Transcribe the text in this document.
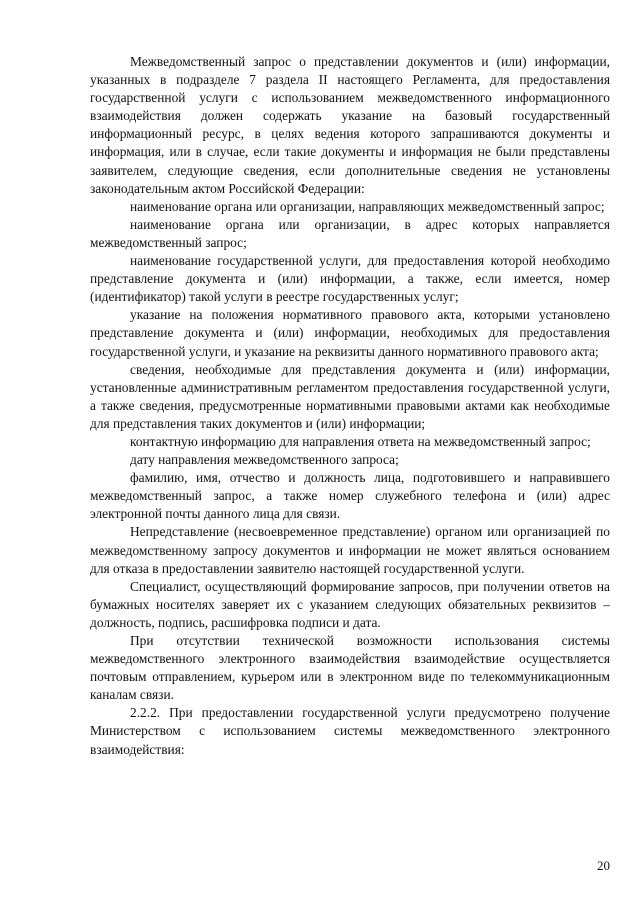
Межведомственный запрос о представлении документов и (или) информации, указанных в подразделе 7 раздела II настоящего Регламента, для предоставления государственной услуги с использованием межведомственного информационного взаимодействия должен содержать указание на базовый государственный информационный ресурс, в целях ведения которого запрашиваются документы и информация, или в случае, если такие документы и информация не были представлены заявителем, следующие сведения, если дополнительные сведения не установлены законодательным актом Российской Федерации:

наименование органа или организации, направляющих межведомственный запрос;

наименование органа или организации, в адрес которых направляется межведомственный запрос;

наименование государственной услуги, для предоставления которой необходимо представление документа и (или) информации, а также, если имеется, номер (идентификатор) такой услуги в реестре государственных услуг;

указание на положения нормативного правового акта, которыми установлено представление документа и (или) информации, необходимых для предоставления государственной услуги, и указание на реквизиты данного нормативного правового акта;

сведения, необходимые для представления документа и (или) информации, установленные административным регламентом предоставления государственной услуги, а также сведения, предусмотренные нормативными правовыми актами как необходимые для представления таких документов и (или) информации;

контактную информацию для направления ответа на межведомственный запрос;

дату направления межведомственного запроса;

фамилию, имя, отчество и должность лица, подготовившего и направившего межведомственный запрос, а также номер служебного телефона и (или) адрес электронной почты данного лица для связи.

Непредставление (несвоевременное представление) органом или организацией по межведомственному запросу документов и информации не может являться основанием для отказа в предоставлении заявителю настоящей государственной услуги.

Специалист, осуществляющий формирование запросов, при получении ответов на бумажных носителях заверяет их с указанием следующих обязательных реквизитов – должность, подпись, расшифровка подписи и дата.

При отсутствии технической возможности использования системы межведомственного электронного взаимодействия взаимодействие осуществляется почтовым отправлением, курьером или в электронном виде по телекоммуникационным каналам связи.

2.2.2. При предоставлении государственной услуги предусмотрено получение Министерством с использованием системы межведомственного электронного взаимодействия:

20
